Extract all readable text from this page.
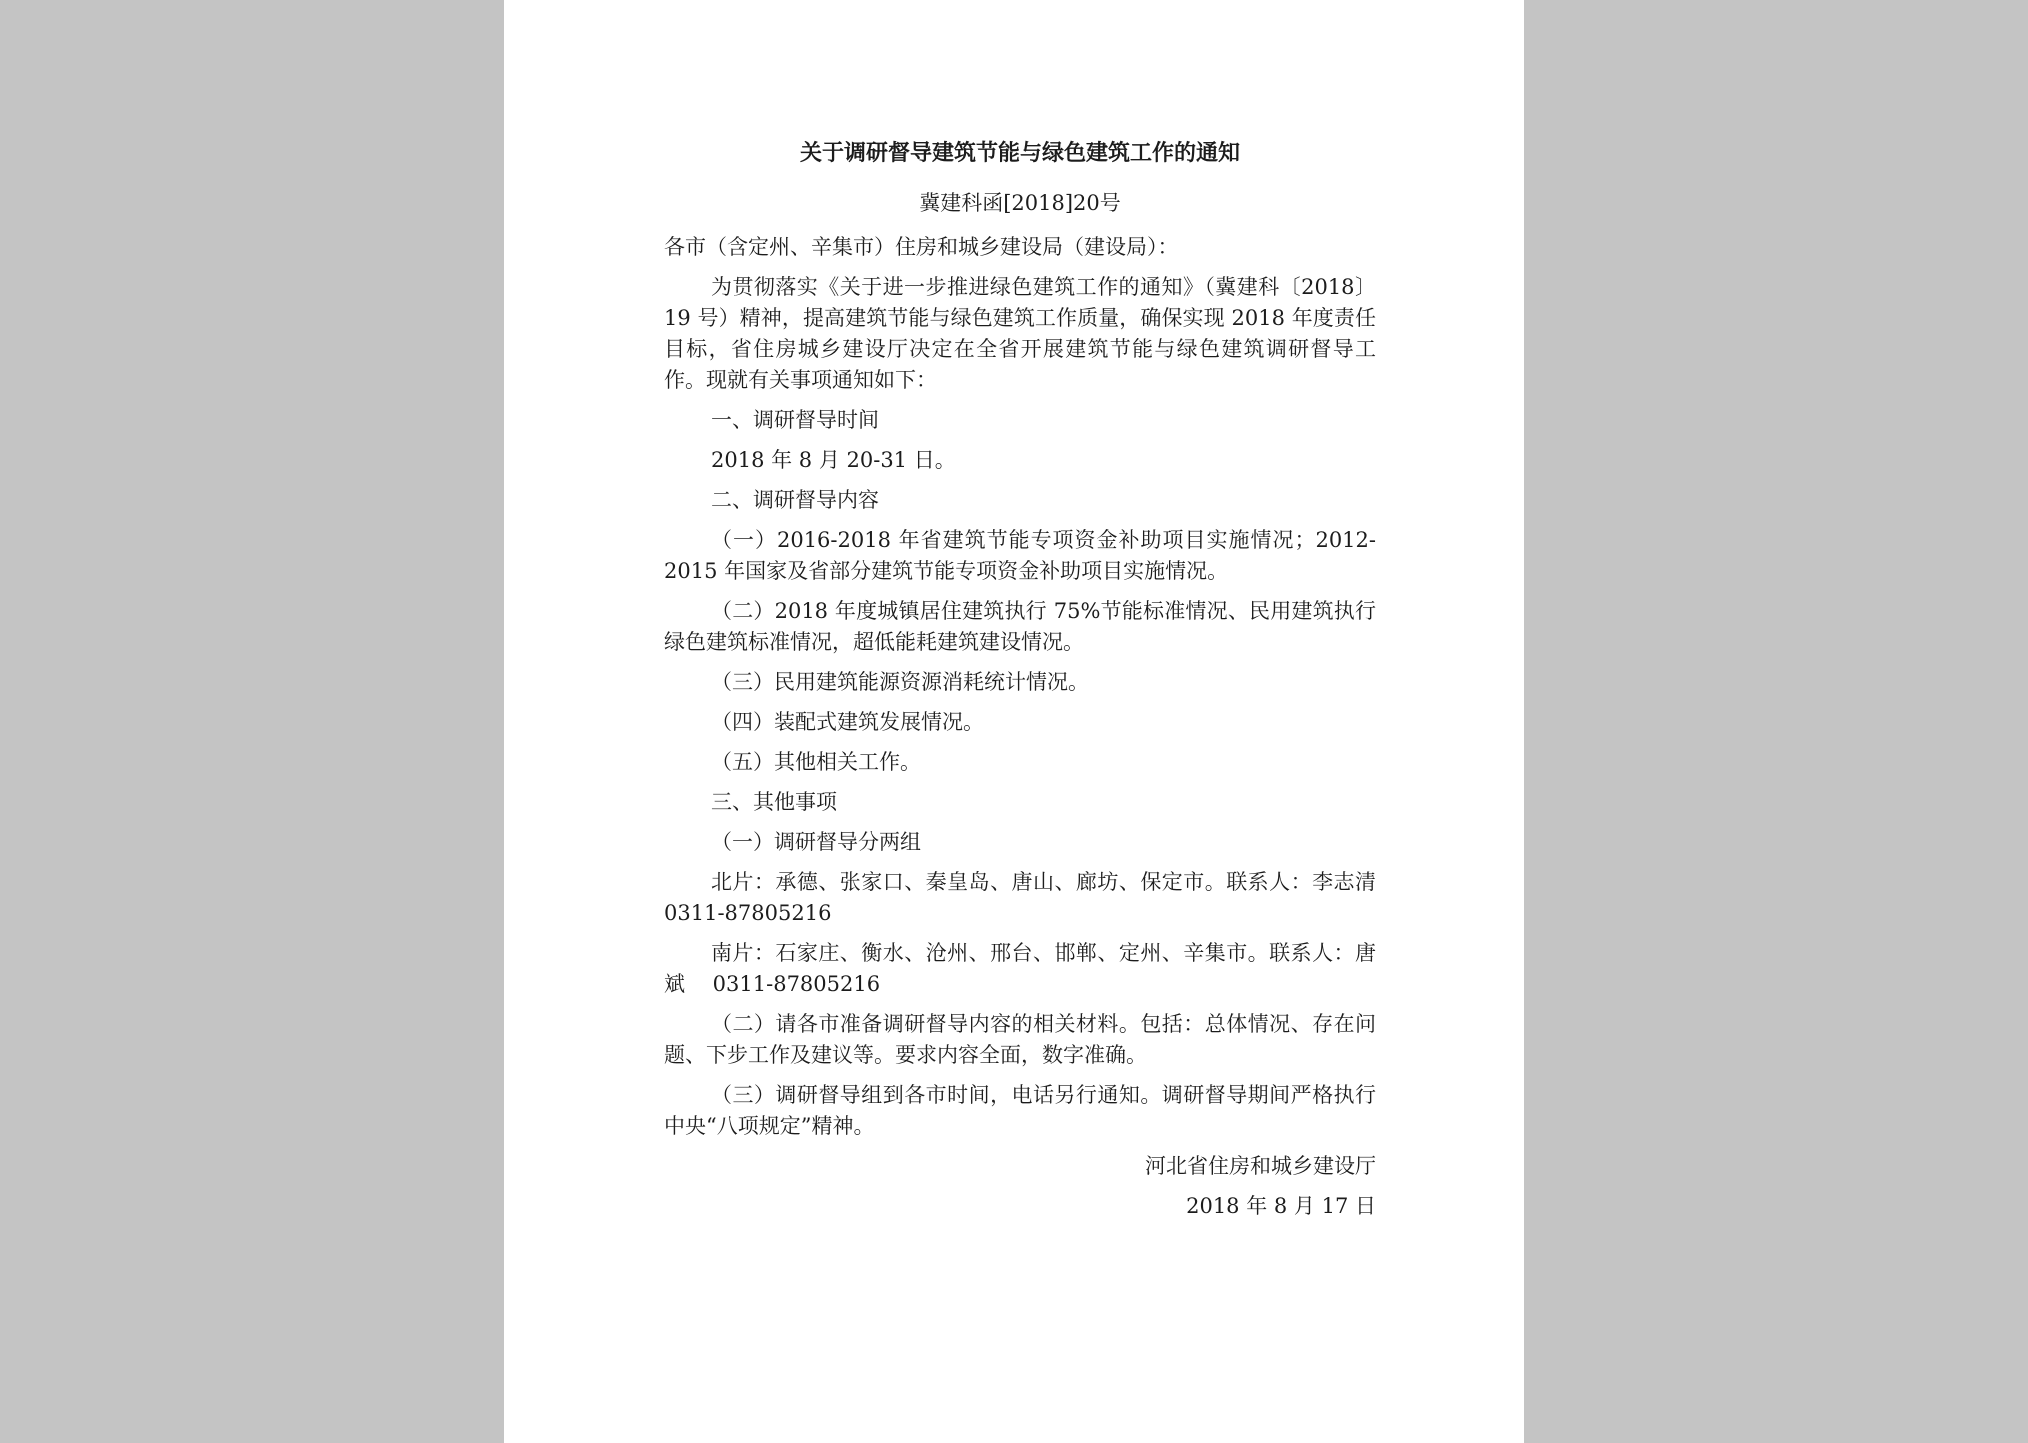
关于调研督导建筑节能与绿色建筑工作的通知
冀建科函[2018]20号
各市（含定州、辛集市）住房和城乡建设局（建设局）：
为贯彻落实《关于进一步推进绿色建筑工作的通知》（冀建科〔2018〕19 号）精神，提高建筑节能与绿色建筑工作质量，确保实现 2018 年度责任目标，省住房城乡建设厅决定在全省开展建筑节能与绿色建筑调研督导工作。现就有关事项通知如下：
一、调研督导时间
2018 年 8 月 20-31 日。
二、调研督导内容
（一）2016-2018 年省建筑节能专项资金补助项目实施情况；2012-2015 年国家及省部分建筑节能专项资金补助项目实施情况。
（二）2018 年度城镇居住建筑执行 75%节能标准情况、民用建筑执行绿色建筑标准情况，超低能耗建筑建设情况。
（三）民用建筑能源资源消耗统计情况。
（四）装配式建筑发展情况。
（五）其他相关工作。
三、其他事项
（一）调研督导分两组
北片：承德、张家口、秦皇岛、唐山、廊坊、保定市。联系人：李志清　 0311-87805216
南片：石家庄、衡水、沧州、邢台、邯郸、定州、辛集市。联系人：唐　 斌　 0311-87805216
（二）请各市准备调研督导内容的相关材料。包括：总体情况、存在问题、下步工作及建议等。要求内容全面，数字准确。
（三）调研督导组到各市时间，电话另行通知。调研督导期间严格执行中央“八项规定”精神。
河北省住房和城乡建设厅
2018 年 8 月 17 日
